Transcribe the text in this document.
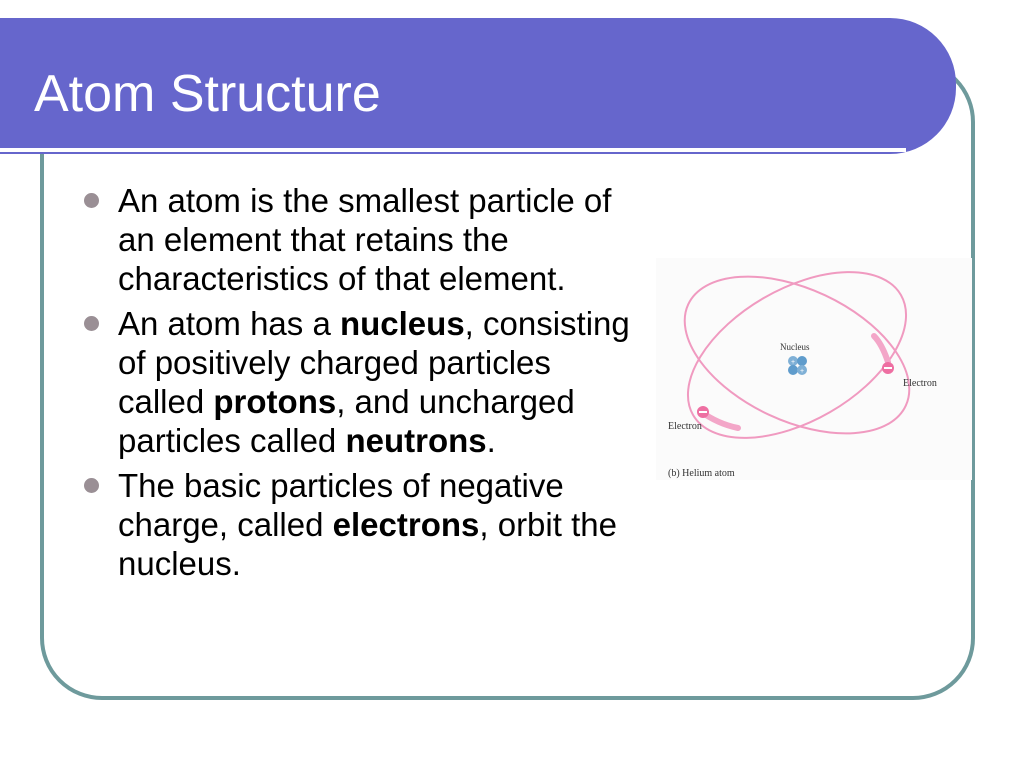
Atom Structure
An atom is the smallest particle of an element that retains the characteristics of that element.
An atom has a nucleus, consisting of positively charged particles called protons, and uncharged particles called neutrons.
The basic particles of negative charge, called electrons, orbit the nucleus.
+
+
Nucleus
Electron
Electron
(b) Helium atom
